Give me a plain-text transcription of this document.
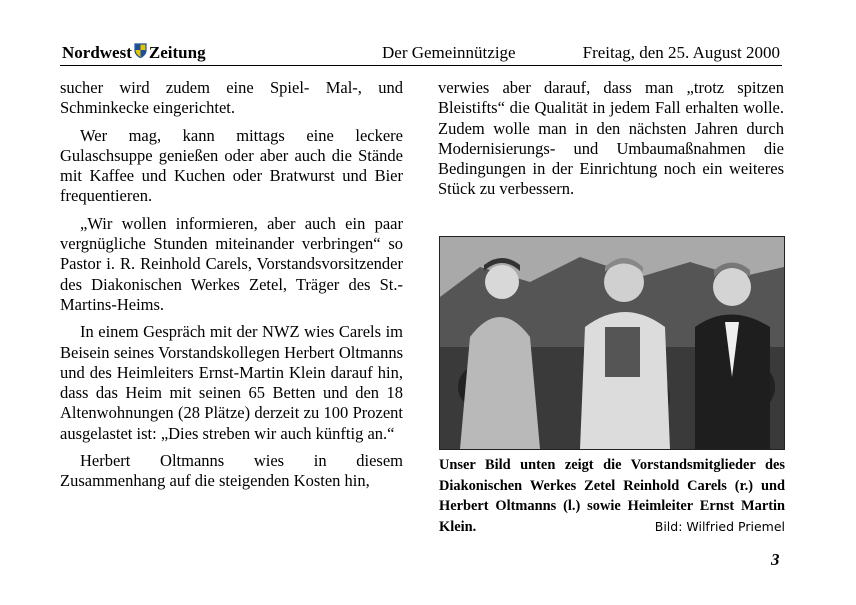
Nordwest Zeitung	Der Gemeinnützige	Freitag, den 25. August 2000

sucher wird zudem eine Spiel- Mal-, und Schminkecke eingerichtet.

Wer mag, kann mittags eine leckere Gulaschsuppe genießen oder aber auch die Stände mit Kaffee und Kuchen oder Bratwurst und Bier frequentieren.

„Wir wollen informieren, aber auch ein paar vergnügliche Stunden miteinander verbringen“ so Pastor i. R. Reinhold Carels, Vorstandsvorsitzender des Diakonischen Werkes Zetel, Träger des St.-Martins-Heims.

In einem Gespräch mit der NWZ wies Carels im Beisein seines Vorstandskollegen Herbert Oltmanns und des Heimleiters Ernst-Martin Klein darauf hin, dass das Heim mit seinen 65 Betten und den 18 Altenwohnungen (28 Plätze) derzeit zu 100 Prozent ausgelastet ist: „Dies streben wir auch künftig an.“

Herbert Oltmanns wies in diesem Zusammenhang auf die steigenden Kosten hin,

verwies aber darauf, dass man „trotz spitzen Bleistifts“ die Qualität in jedem Fall erhalten wolle. Zudem wolle man in den nächsten Jahren durch Modernisierungs- und Umbaumaßnahmen die Bedingungen in der Einrichtung noch ein weiteres Stück zu verbessern.

Unser Bild unten zeigt die Vorstandsmitglieder des Diakonischen Werkes Zetel Reinhold Carels (r.) und Herbert Oltmanns (l.) sowie Heimleiter Ernst Martin Klein.	Bild: Wilfried Priemel
3
